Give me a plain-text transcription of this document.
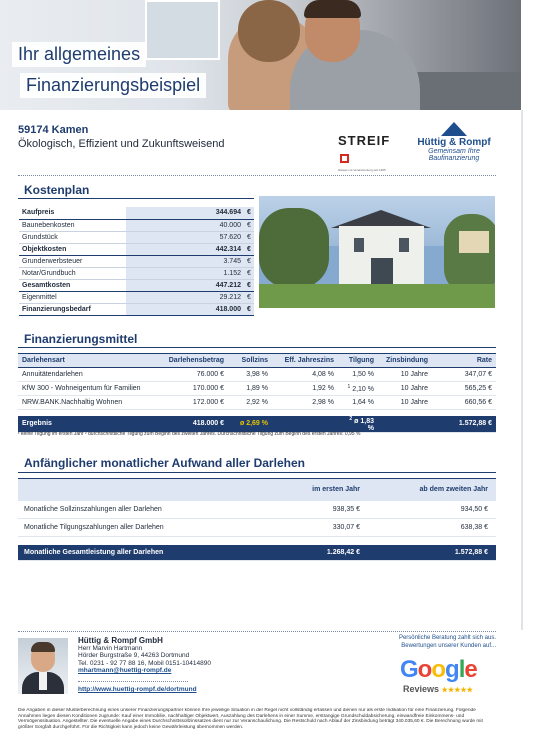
Ihr allgemeines
Finanzierungsbeispiel
59174 Kamen
Ökologisch, Effizient und Zukunftsweisend	STREIF
Häuser mit Verantwortung seit 1905
Hüttig & Rompf
Gemeinsam Ihre Baufinanzierung
Kostenplan
Kaufpreis	344.694	€
Baunebenkosten	40.000	€
Grundstück	57.620	€
Objektkosten	442.314	€
Grunderwerbsteuer	3.745	€
Notar/Grundbuch	1.152	€
Gesamtkosten	447.212	€
Eigenmittel	29.212	€
Finanzierungsbedarf	418.000	€
Finanzierungsmittel
Darlehensart	Darlehensbetrag	Sollzins	Eff. Jahreszins	Tilgung	Zinsbindung	Rate
Annuitätendarlehen	76.000 €	3,98 %	4,08 %	1,50 %	10 Jahre	347,07 €
KfW 300 - Wohneigentum für Familien	170.000 €	1,89 %	1,92 %	$^1$ 2,10 %	10 Jahre	565,25 €
NRW.BANK.Nachhaltig Wohnen	172.000 €	2,92 %	2,98 %	1,64 %	10 Jahre	660,56 €

Ergebnis	418.000 €	ø 2,69 %		$^2$ ø 1,83 %		1.572,88 €
¹ keine Tilgung im ersten Jahr ² durchschnittliche Tilgung zum Beginn des zweiten Jahres. Durchschnittliche Tilgung zum Beginn des ersten Jahres: 0,95 %
Anfänglicher monatlicher Aufwand aller Darlehen
	im ersten Jahr	ab dem zweiten Jahr
Monatliche Sollzinszahlungen aller Darlehen	938,35 €	934,50 €
Monatliche Tilgungszahlungen aller Darlehen	330,07 €	638,38 €

Monatliche Gesamtleistung aller Darlehen	1.268,42 €	1.572,88 €
Hüttig & Rompf GmbH
Herr Marvin Hartmann
Hörder Burgstraße 9, 44263 Dortmund
Tel. 0231 - 92 77 88 16, Mobil 0151-10414890
mhartmann@huettig-rompf.de
http://www.huettig-rompf.de/dortmund
Persönliche Beratung zahlt sich aus. Bewertungen unserer Kunden auf...
Google
Reviews ★★★★★
Die Angaben in dieser Musterberechnung eines unserer Finanzierungspartner können Ihre jeweilige Situation in der Regel nicht vollständig erfassen und dienen nur als erste Indikation für eine Finanzierung. Folgende Annahmen liegen diesen Konditionen zugrunde: Kauf einer Immobilie, nachhaltiger Objektwert, Auszahlung des Darlehens in einer Summe, erstrangige Grundschuldabsicherung, einwandfreie Einkommens- und Vermögenssituation. Angestellter. Die eventuelle Angabe eines Durchschnittssollzinssatzes dient nur zur Veranschaulichung. Die Restschuld nach Ablauf der Zinsbindung beträgt 340.035,60 €. Die Berechnung wurde mit größter Sorgfalt durchgeführt. Für die Richtigkeit kann jedoch keine Gewährleistung übernommen werden.
